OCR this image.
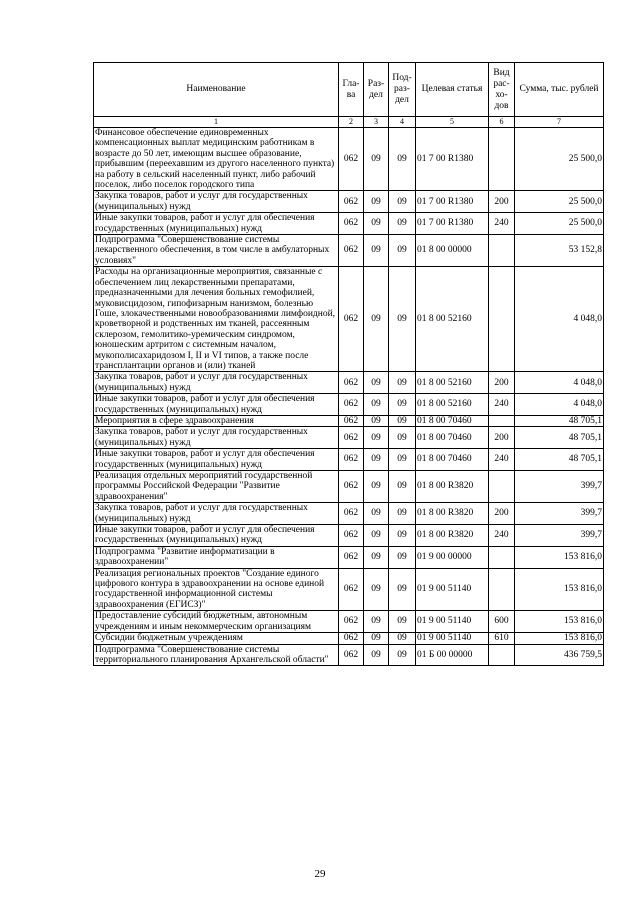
Наименование	Гла-ва	Раз-дел	Под-раз-дел	Целевая статья	Вид рас-хо-дов	Сумма, тыс. рублей
1	2	3	4	5	6	7
Финансовое обеспечение единовременных компенсационных выплат медицинским работникам в возрасте до 50 лет, имеющим высшее образование, прибывшим (переехавшим из другого населенного пункта) на работу в сельский населенный пункт, либо рабочий поселок, либо поселок городского типа	062	09	09	01 7 00 R1380		25 500,0
Закупка товаров, работ и услуг для государственных (муниципальных) нужд	062	09	09	01 7 00 R1380	200	25 500,0
Иные закупки товаров, работ и услуг для обеспечения государственных (муниципальных) нужд	062	09	09	01 7 00 R1380	240	25 500,0
Подпрограмма "Совершенствование системы лекарственного обеспечения, в том числе в амбулаторных условиях"	062	09	09	01 8 00 00000		53 152,8
Расходы на организационные мероприятия, связанные с обеспечением лиц лекарственными препаратами, предназначенными для лечения больных гемофилией, муковисцидозом, гипофизарным нанизмом, болезнью Гоше, злокачественными новообразованиями лимфоидной, кроветворной и родственных им тканей, рассеянным склерозом, гемолитико-уремическим синдромом, юношеским артритом с системным началом, мукополисахаридозом I, II и VI типов, а также после трансплантации органов и (или) тканей	062	09	09	01 8 00 52160		4 048,0
Закупка товаров, работ и услуг для государственных (муниципальных) нужд	062	09	09	01 8 00 52160	200	4 048,0
Иные закупки товаров, работ и услуг для обеспечения государственных (муниципальных) нужд	062	09	09	01 8 00 52160	240	4 048,0
Мероприятия в сфере здравоохранения	062	09	09	01 8 00 70460		48 705,1
Закупка товаров, работ и услуг для государственных (муниципальных) нужд	062	09	09	01 8 00 70460	200	48 705,1
Иные закупки товаров, работ и услуг для обеспечения государственных (муниципальных) нужд	062	09	09	01 8 00 70460	240	48 705,1
Реализация отдельных мероприятий государственной программы Российской Федерации "Развитие здравоохранения"	062	09	09	01 8 00 R3820		399,7
Закупка товаров, работ и услуг для государственных (муниципальных) нужд	062	09	09	01 8 00 R3820	200	399,7
Иные закупки товаров, работ и услуг для обеспечения государственных (муниципальных) нужд	062	09	09	01 8 00 R3820	240	399,7
Подпрограмма "Развитие информатизации в здравоохранении"	062	09	09	01 9 00 00000		153 816,0
Реализация региональных проектов "Создание единого цифрового контура в здравоохранении на основе единой государственной информационной системы здравоохранения (ЕГИСЗ)"	062	09	09	01 9 00 51140		153 816,0
Предоставление субсидий бюджетным, автономным учреждениям и иным некоммерческим организациям	062	09	09	01 9 00 51140	600	153 816,0
Субсидии бюджетным учреждениям	062	09	09	01 9 00 51140	610	153 816,0
Подпрограмма "Совершенствование системы территориального планирования Архангельской области"	062	09	09	01 Б 00 00000		436 759,5
29
